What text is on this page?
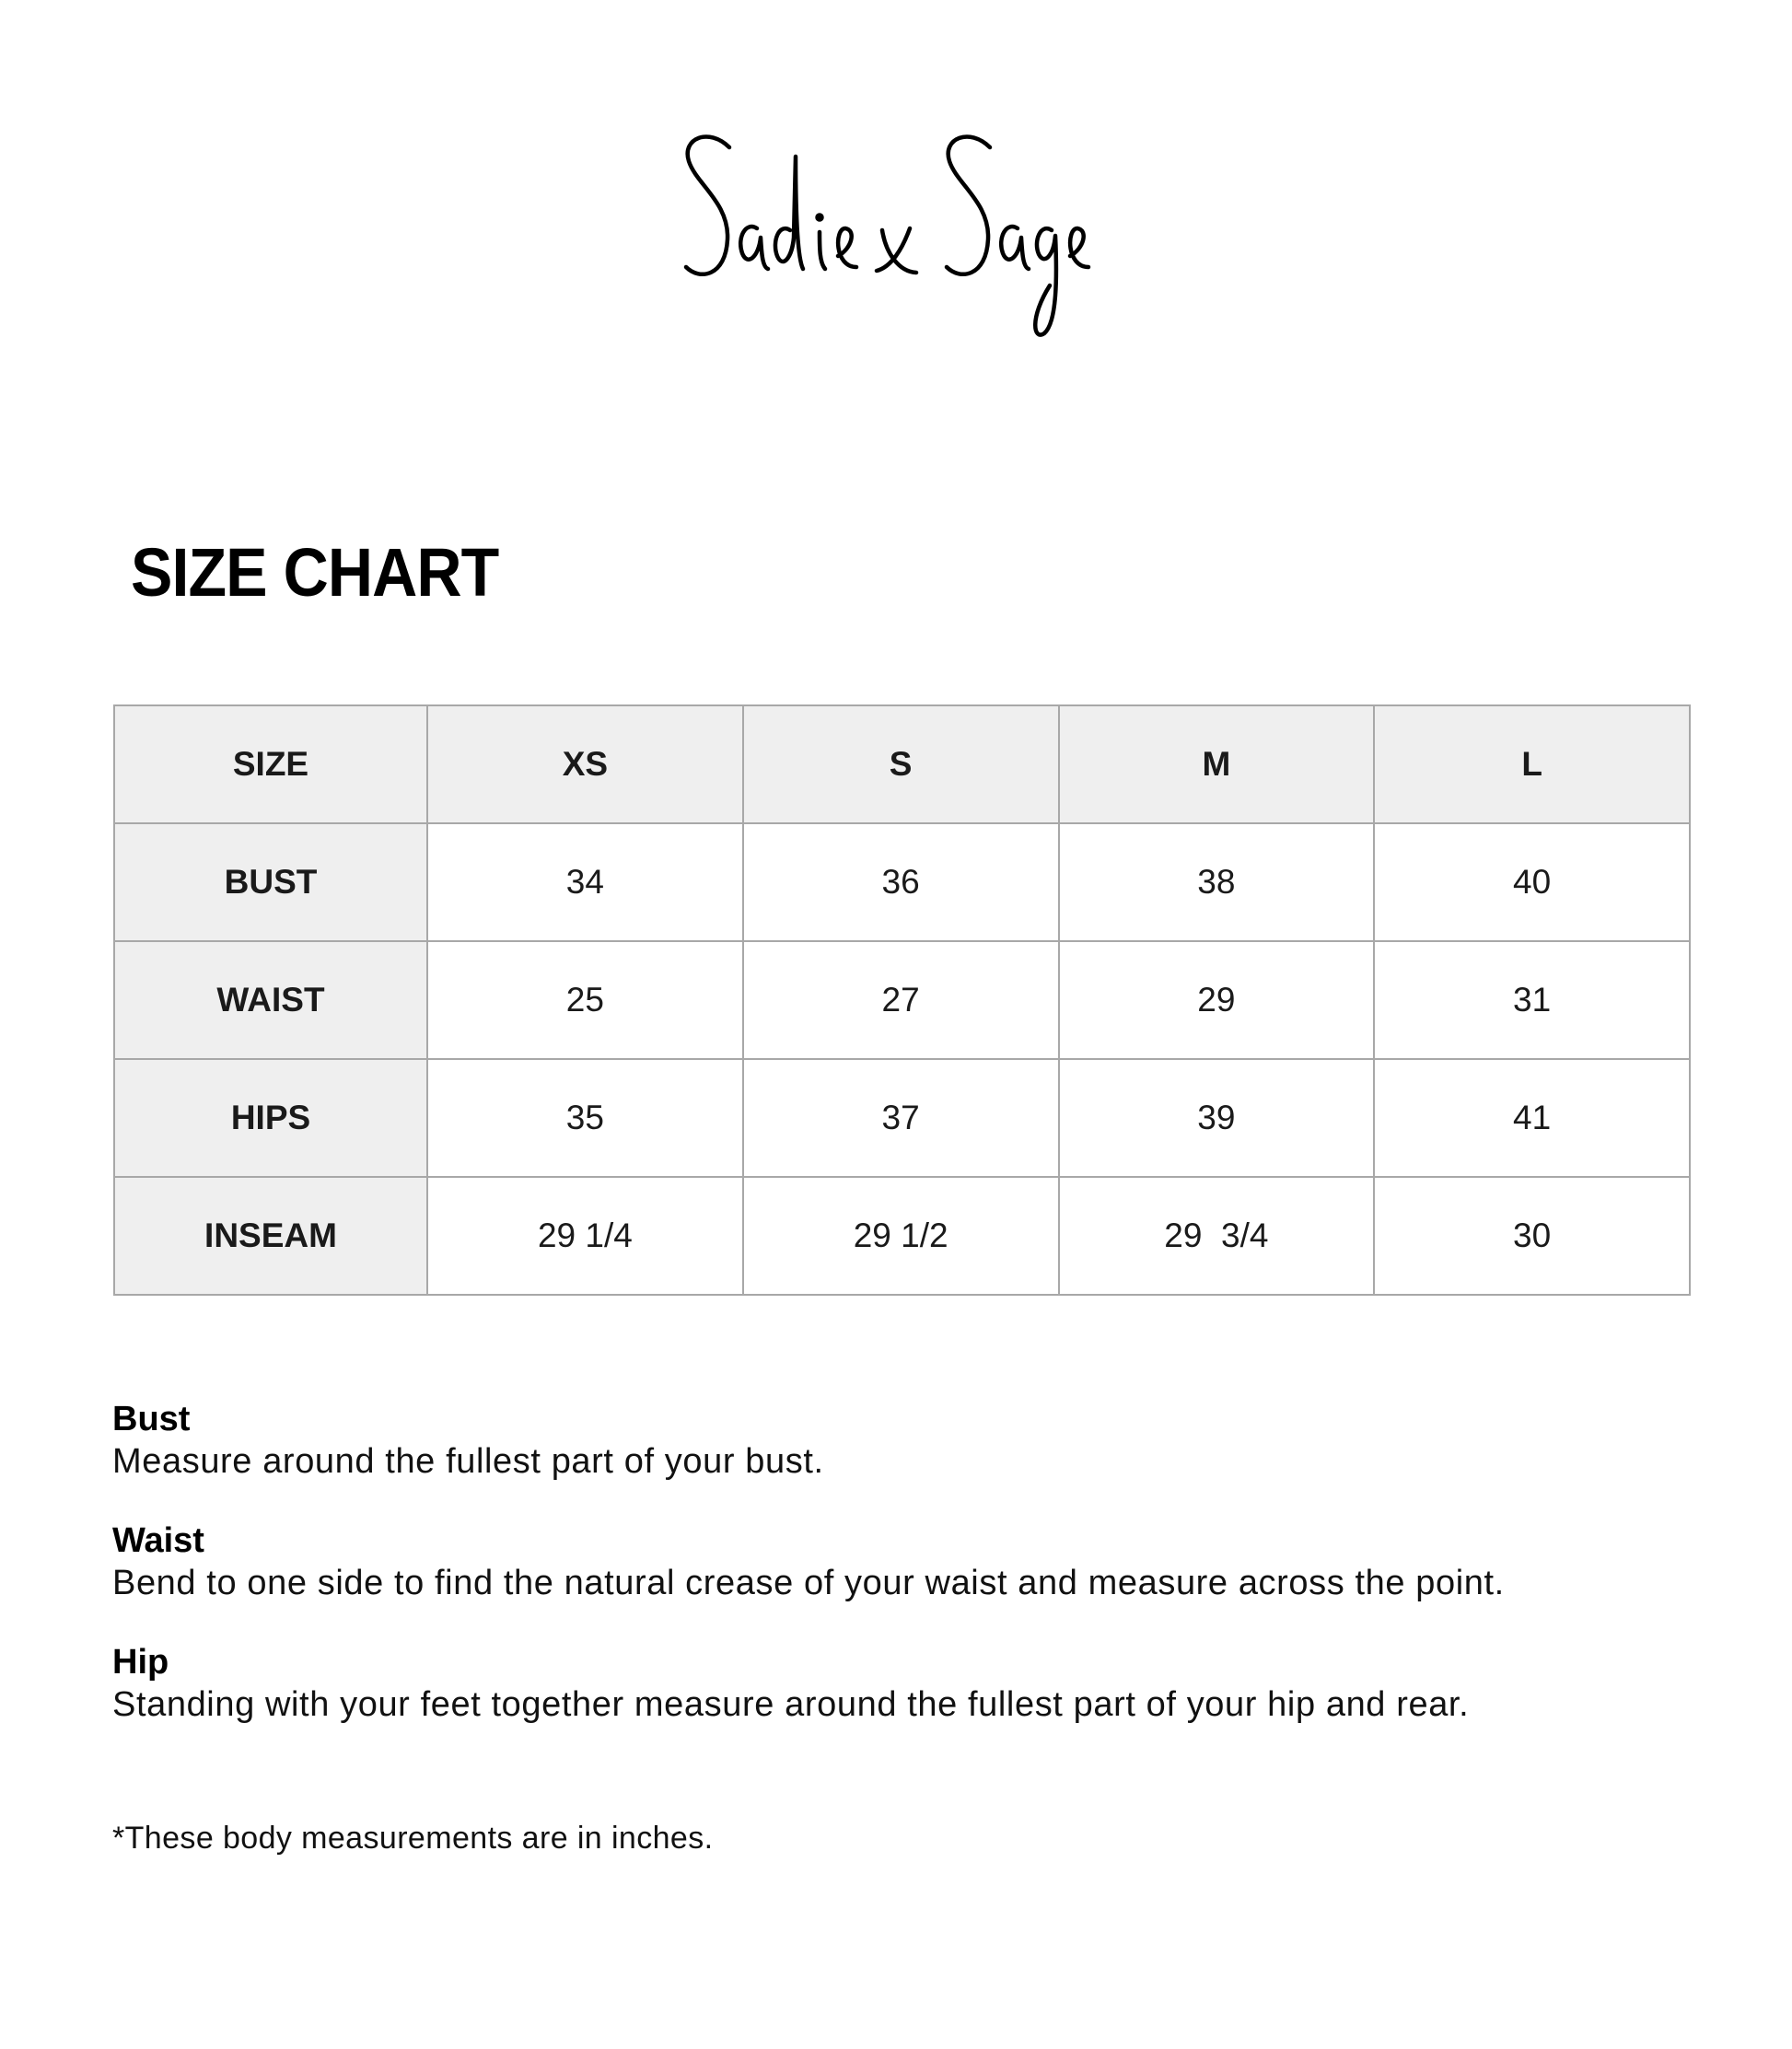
SIZE CHART
SIZE	XS	S	M	L
BUST	34	36	38	40
WAIST	25	27	29	31
HIPS	35	37	39	41
INSEAM	29 1/4	29 1/2	29  3/4	30
Bust
Measure around the fullest part of your bust.
Waist
Bend to one side to find the natural crease of your waist and measure across the point.
Hip
Standing with your feet together measure around the fullest part of your hip and rear.
*These body measurements are in inches.
